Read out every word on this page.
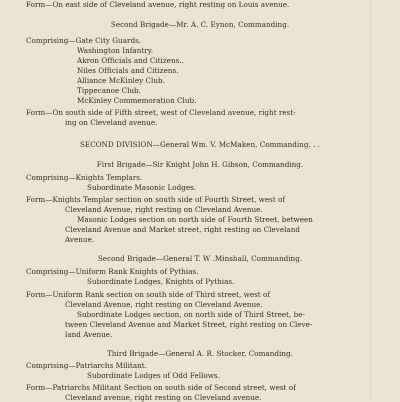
Form—On east side of Cleveland avenue, right resting on Louis avenue.
Second Brigade—Mr. A. C. Eynon, Commanding.
Comprising—Gate City Guards.
Washington Infantry.
Akron Officials and Citizens..
Niles Officials and Citizens.
Alliance McKinley Club.
Tippecanoe Club.
McKinley Commemoration Club.
Form—On south side of Fifth street, west of Cleveland avenue, right rest-
ing on Cleveland avenue.
SECOND DIVISION—General Wm. V. McMaken, Commanding. . .
First Brigade—Sir Knight John H. Gibson, Commanding.
Comprising—Knights Templars.
Subordinate Masonic Lodges.
Form—Knights Templar section on south side of Fourth Street, west of
Cleveland Avenue, right resting on Cleveland Avenue.
Masonic Lodges section on north side of Fourth Street, between
Cleveland Avenue and Market street, right resting on Cleveland
Avenue.
Second Brigade—General T. W .Minshall, Commanding.
Comprising—Uniform Rank Knights of Pythias.
Subordinate Lodges, Knights of Pythias.
Form—Uniform Rank section on south side of Third street, west of
Cleveland Avenue, right resting on Cleveland Avenue.
Subordinate Lodges section, on north side of Third Street, be-
tween Cleveland Avenue and Market Street, right resting on Cleve-
land Avenue.
Third Brigade—General A. R. Stocker, Comanding.
Comprising—Patriarchs Militant.
Subordinate Lodges of Odd Fellows.
Form—Patriarchs Militant Section on south side of Second street, west of
Cleveland avenue, right resting on Cleveland avenue.
